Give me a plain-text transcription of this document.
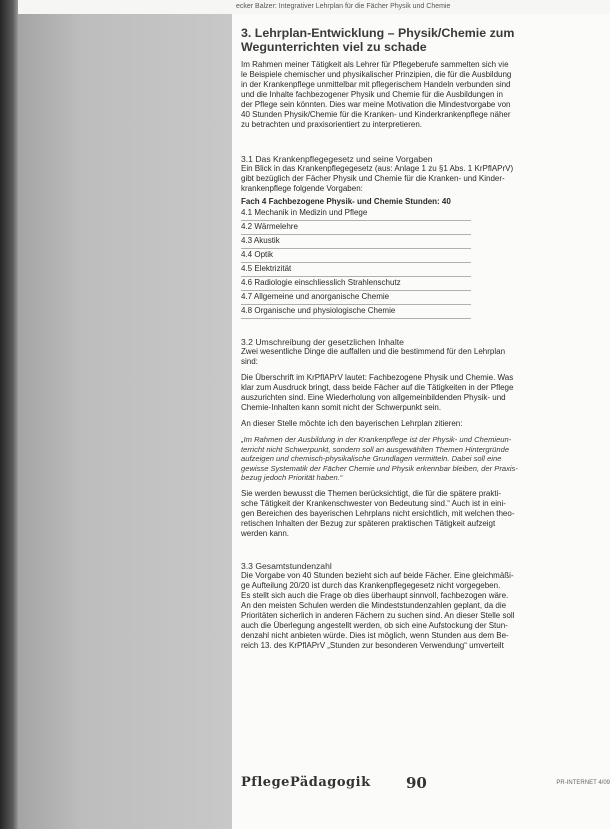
ecker Balzer: Integrativer Lehrplan für die Fächer Physik und Chemie
3. Lehrplan-Entwicklung – Physik/Chemie zum
Wegunterrichten viel zu schade

Im Rahmen meiner Tätigkeit als Lehrer für Pflegeberufe sammelten sich vie

le Beispiele chemischer und physikalischer Prinzipien, die für die Ausbildung

in der Krankenpflege unmittelbar mit pflegerischem Handeln verbunden sind

und die Inhalte fachbezogener Physik und Chemie für die Ausbildungen in

der Pflege sein könnten. Dies war meine Motivation die Mindestvorgabe von

40 Stunden Physik/Chemie für die Kranken- und Kinderkrankenpflege näher

zu betrachten und praxisorientiert zu interpretieren.

3.1 Das Krankenpflegegesetz und seine Vorgaben

Ein Blick in das Krankenpflegegesetz (aus: Anlage 1 zu §1 Abs. 1 KrPflAPrV)

gibt bezüglich der Fächer Physik und Chemie für die Kranken- und Kinder-

krankenpflege folgende Vorgaben:

Fach 4 Fachbezogene Physik- und Chemie Stunden: 40

4.1 Mechanik in Medizin und Pflege
4.2 Wärmelehre
4.3 Akustik
4.4 Optik
4.5 Elektrizität
4.6 Radiologie einschliesslich Strahlenschutz
4.7 Allgemeine und anorganische Chemie
4.8 Organische und physiologische Chemie
3.2 Umschreibung der gesetzlichen Inhalte

Zwei wesentliche Dinge die auffallen und die bestimmend für den Lehrplan

sind:

Die Überschrift im KrPflAPrV lautet: Fachbezogene Physik und Chemie. Was

klar zum Ausdruck bringt, dass beide Fächer auf die Tätigkeiten in der Pflege

auszurichten sind. Eine Wiederholung von allgemeinbildenden Physik- und

Chemie-Inhalten kann somit nicht der Schwerpunkt sein.

An dieser Stelle möchte ich den bayerischen Lehrplan zitieren:

„Im Rahmen der Ausbildung in der Krankenpflege ist der Physik- und Chemieun-
terricht nicht Schwerpunkt, sondern soll an ausgewählten Themen Hintergründe
aufzeigen und chemisch-physikalische Grundlagen vermitteln. Dabei soll eine
gewisse Systematik der Fächer Chemie und Physik erkennbar bleiben, der Praxis-
bezug jedoch Priorität haben.“

Sie werden bewusst die Themen berücksichtigt, die für die spätere prakti-

sche Tätigkeit der Krankenschwester von Bedeutung sind.“ Auch ist in eini-

gen Bereichen des bayerischen Lehrplans nicht ersichtlich, mit welchen theo-

retischen Inhalten der Bezug zur späteren praktischen Tätigkeit aufzeigt

werden kann.

3.3 Gesamtstundenzahl

Die Vorgabe von 40 Stunden bezieht sich auf beide Fächer. Eine gleichmäßi-

ge Aufteilung 20/20 ist durch das Krankenpflegegesetz nicht vorgegeben.

Es stellt sich auch die Frage ob dies überhaupt sinnvoll, fachbezogen wäre.

An den meisten Schulen werden die Mindeststundenzahlen geplant, da die

Prioritäten sicherlich in anderen Fächern zu suchen sind. An dieser Stelle soll

auch die Überlegung angestellt werden, ob sich eine Aufstockung der Stun-

denzahl nicht anbieten würde. Dies ist möglich, wenn Stunden aus dem Be-

reich 13. des KrPflAPrV „Stunden zur besonderen Verwendung“ umverteilt

PflegePädagogik 90	PR-INTERNET 4/09
